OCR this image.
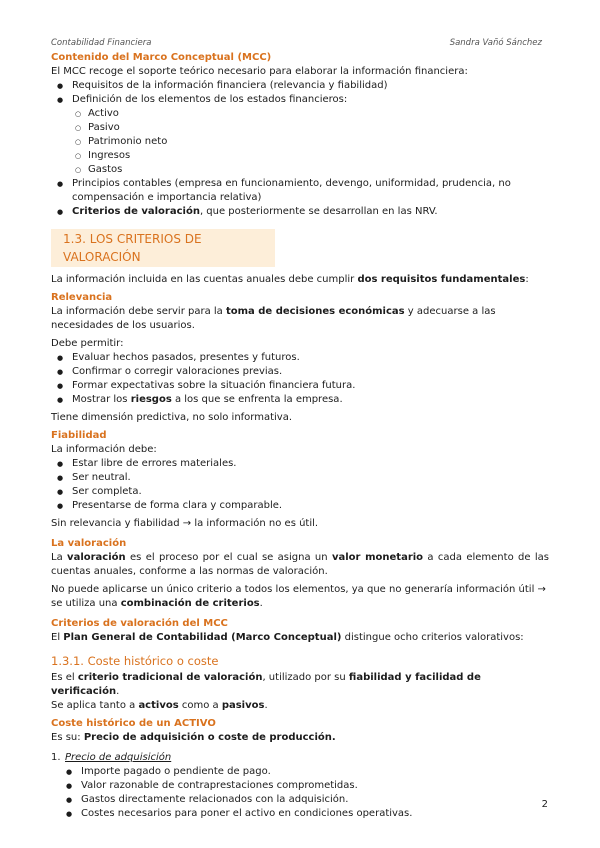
Contabilidad Financiera	Sandra Vañó Sánchez

Contenido del Marco Conceptual (MCC)

El MCC recoge el soporte teórico necesario para elaborar la información financiera:

● Requisitos de la información financiera (relevancia y fiabilidad)
● Definición de los elementos de los estados financieros:
○ Activo
○ Pasivo
○ Patrimonio neto
○ Ingresos
○ Gastos
● Principios contables (empresa en funcionamiento, devengo, uniformidad, prudencia, no compensación e importancia relativa)
● Criterios de valoración, que posteriormente se desarrollan en las NRV.
1.3. LOS CRITERIOS DE VALORACIÓN

La información incluida en las cuentas anuales debe cumplir dos requisitos fundamentales:

Relevancia

La información debe servir para la toma de decisiones económicas y adecuarse a las necesidades de los usuarios.

Debe permitir:

● Evaluar hechos pasados, presentes y futuros.
● Confirmar o corregir valoraciones previas.
● Formar expectativas sobre la situación financiera futura.
● Mostrar los riesgos a los que se enfrenta la empresa.

Tiene dimensión predictiva, no solo informativa.

Fiabilidad

La información debe:

● Estar libre de errores materiales.
● Ser neutral.
● Ser completa.
● Presentarse de forma clara y comparable.

Sin relevancia y fiabilidad → la información no es útil.

La valoración

La valoración es el proceso por el cual se asigna un valor monetario a cada elemento de las cuentas anuales, conforme a las normas de valoración.

No puede aplicarse un único criterio a todos los elementos, ya que no generaría información útil → se utiliza una combinación de criterios.

Criterios de valoración del MCC

El Plan General de Contabilidad (Marco Conceptual) distingue ocho criterios valorativos:

1.3.1. Coste histórico o coste

Es el criterio tradicional de valoración, utilizado por su fiabilidad y facilidad de verificación.

Se aplica tanto a activos como a pasivos.

Coste histórico de un ACTIVO

Es su: Precio de adquisición o coste de producción.

1. Precio de adquisición
● Importe pagado o pendiente de pago.
● Valor razonable de contraprestaciones comprometidas.
● Gastos directamente relacionados con la adquisición.
● Costes necesarios para poner el activo en condiciones operativas.
2
